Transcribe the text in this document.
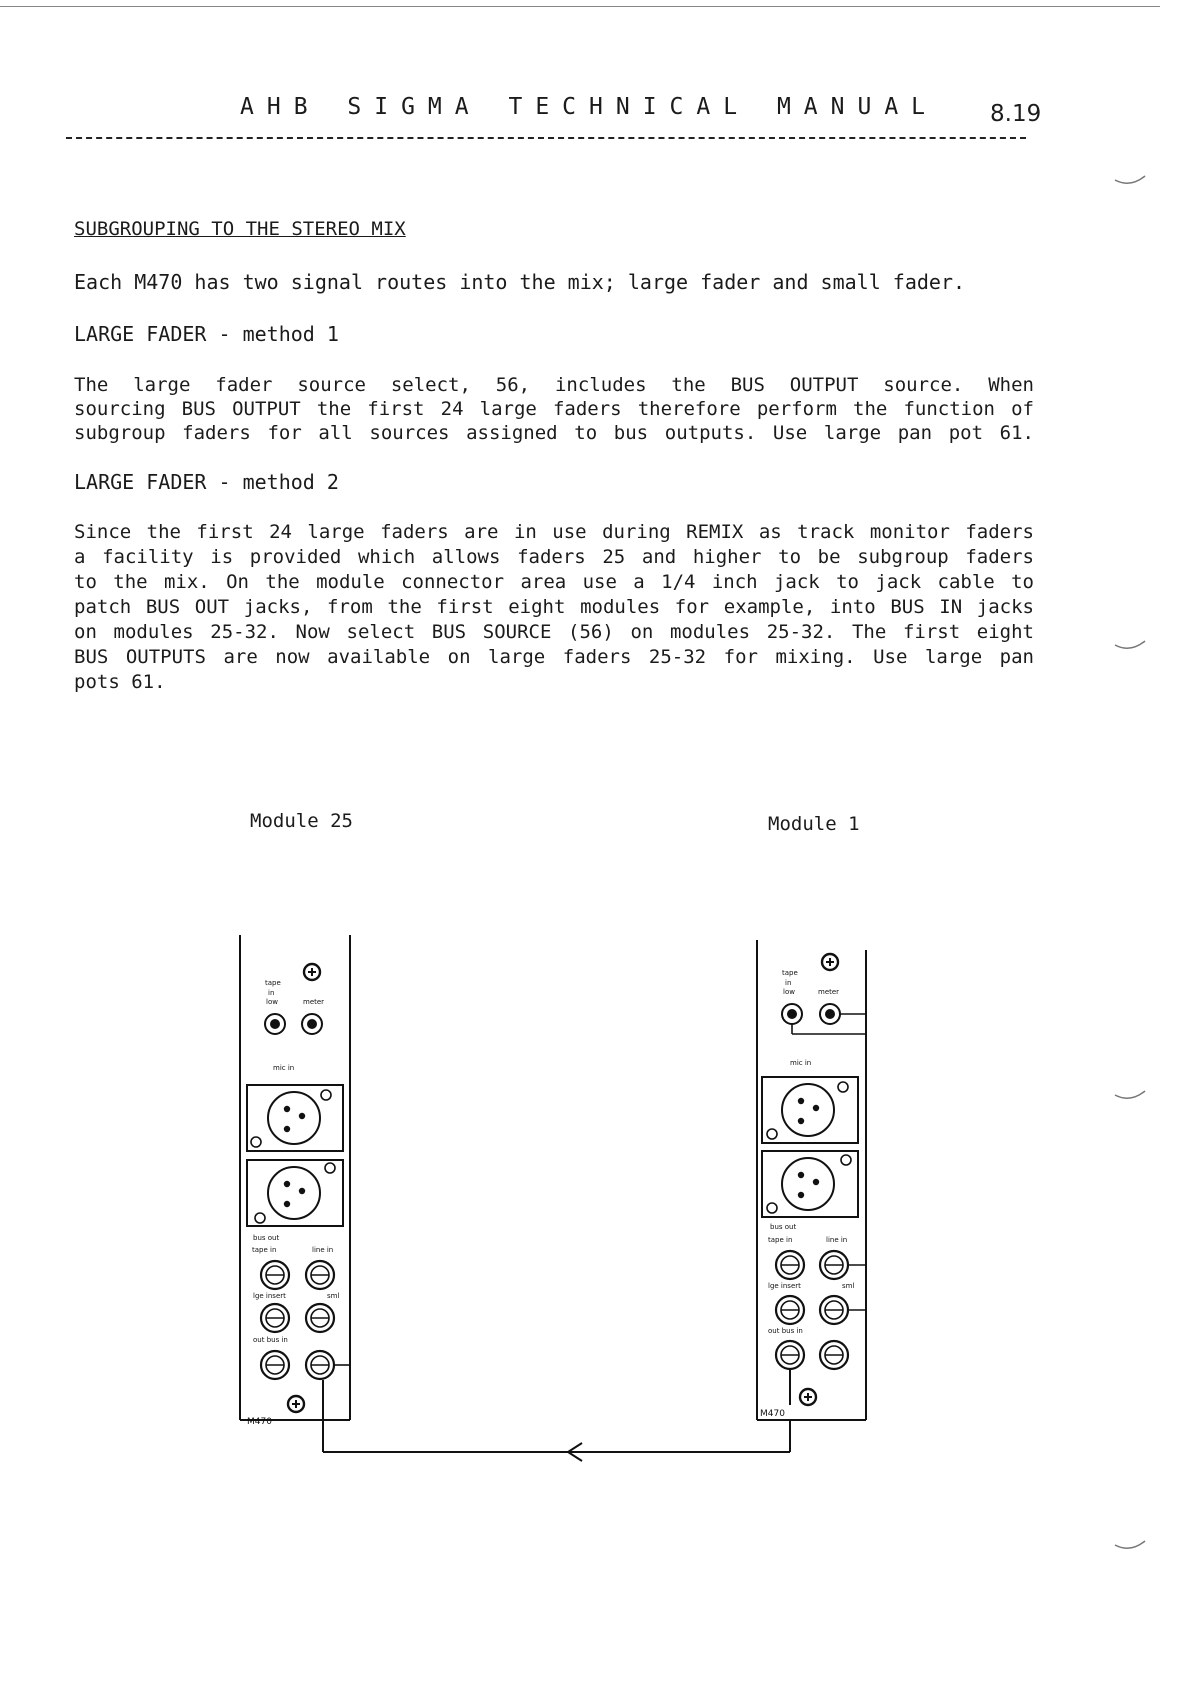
AHB SIGMA TECHNICAL MANUAL 8.19
SUBGROUPING TO THE STEREO MIX
Each M470 has two signal routes into the mix; large fader and small fader.
LARGE FADER - method 1
The large fader source select, 56, includes the BUS OUTPUT source. When
sourcing BUS OUTPUT the first 24 large faders therefore perform the function of
subgroup faders for all sources assigned to bus outputs. Use large pan pot 61.
LARGE FADER - method 2
Since the first 24 large faders are in use during REMIX as track monitor faders
a facility is provided which allows faders 25 and higher to be subgroup faders
to the mix. On the module connector area use a 1/4 inch jack to jack cable to
patch BUS OUT jacks, from the first eight modules for example, into BUS IN jacks
on modules 25-32. Now select BUS SOURCE (56) on modules 25-32. The first eight
BUS OUTPUTS are now available on large faders 25-32 for mixing. Use large pan
pots 61.
Module 25	Module 1
tape
in
low	meter
mic in
bus out
tape in	line in
lge insert	sml
out bus in
M470
tape
in
low	meter
mic in
bus out
tape in	line in
lge insert	sml
out bus in
M470
